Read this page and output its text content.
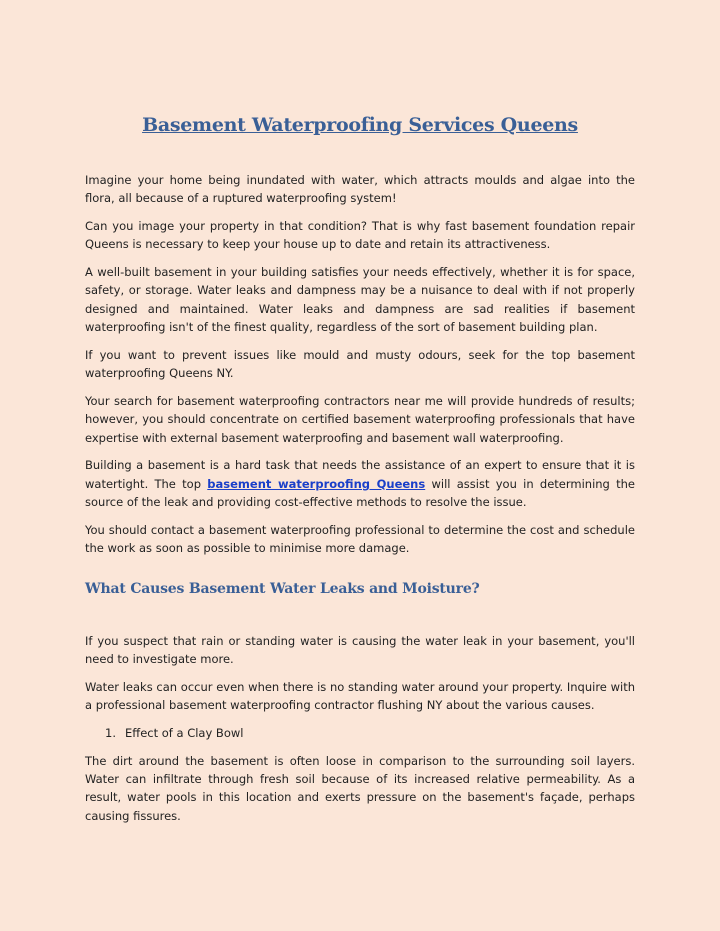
Basement Waterproofing Services Queens

Imagine your home being inundated with water, which attracts moulds and algae into the flora, all because of a ruptured waterproofing system!

Can you image your property in that condition? That is why fast basement foundation repair Queens is necessary to keep your house up to date and retain its attractiveness.

A well-built basement in your building satisfies your needs effectively, whether it is for space, safety, or storage. Water leaks and dampness may be a nuisance to deal with if not properly designed and maintained. Water leaks and dampness are sad realities if basement waterproofing isn't of the finest quality, regardless of the sort of basement building plan.

If you want to prevent issues like mould and musty odours, seek for the top basement waterproofing Queens NY.

Your search for basement waterproofing contractors near me will provide hundreds of results; however, you should concentrate on certified basement waterproofing professionals that have expertise with external basement waterproofing and basement wall waterproofing.

Building a basement is a hard task that needs the assistance of an expert to ensure that it is watertight. The top basement waterproofing Queens will assist you in determining the source of the leak and providing cost-effective methods to resolve the issue.

You should contact a basement waterproofing professional to determine the cost and schedule the work as soon as possible to minimise more damage.

What Causes Basement Water Leaks and Moisture?

If you suspect that rain or standing water is causing the water leak in your basement, you'll need to investigate more.

Water leaks can occur even when there is no standing water around your property. Inquire with a professional basement waterproofing contractor flushing NY about the various causes.

1. Effect of a Clay Bowl

The dirt around the basement is often loose in comparison to the surrounding soil layers. Water can infiltrate through fresh soil because of its increased relative permeability. As a result, water pools in this location and exerts pressure on the basement's façade, perhaps causing fissures.
